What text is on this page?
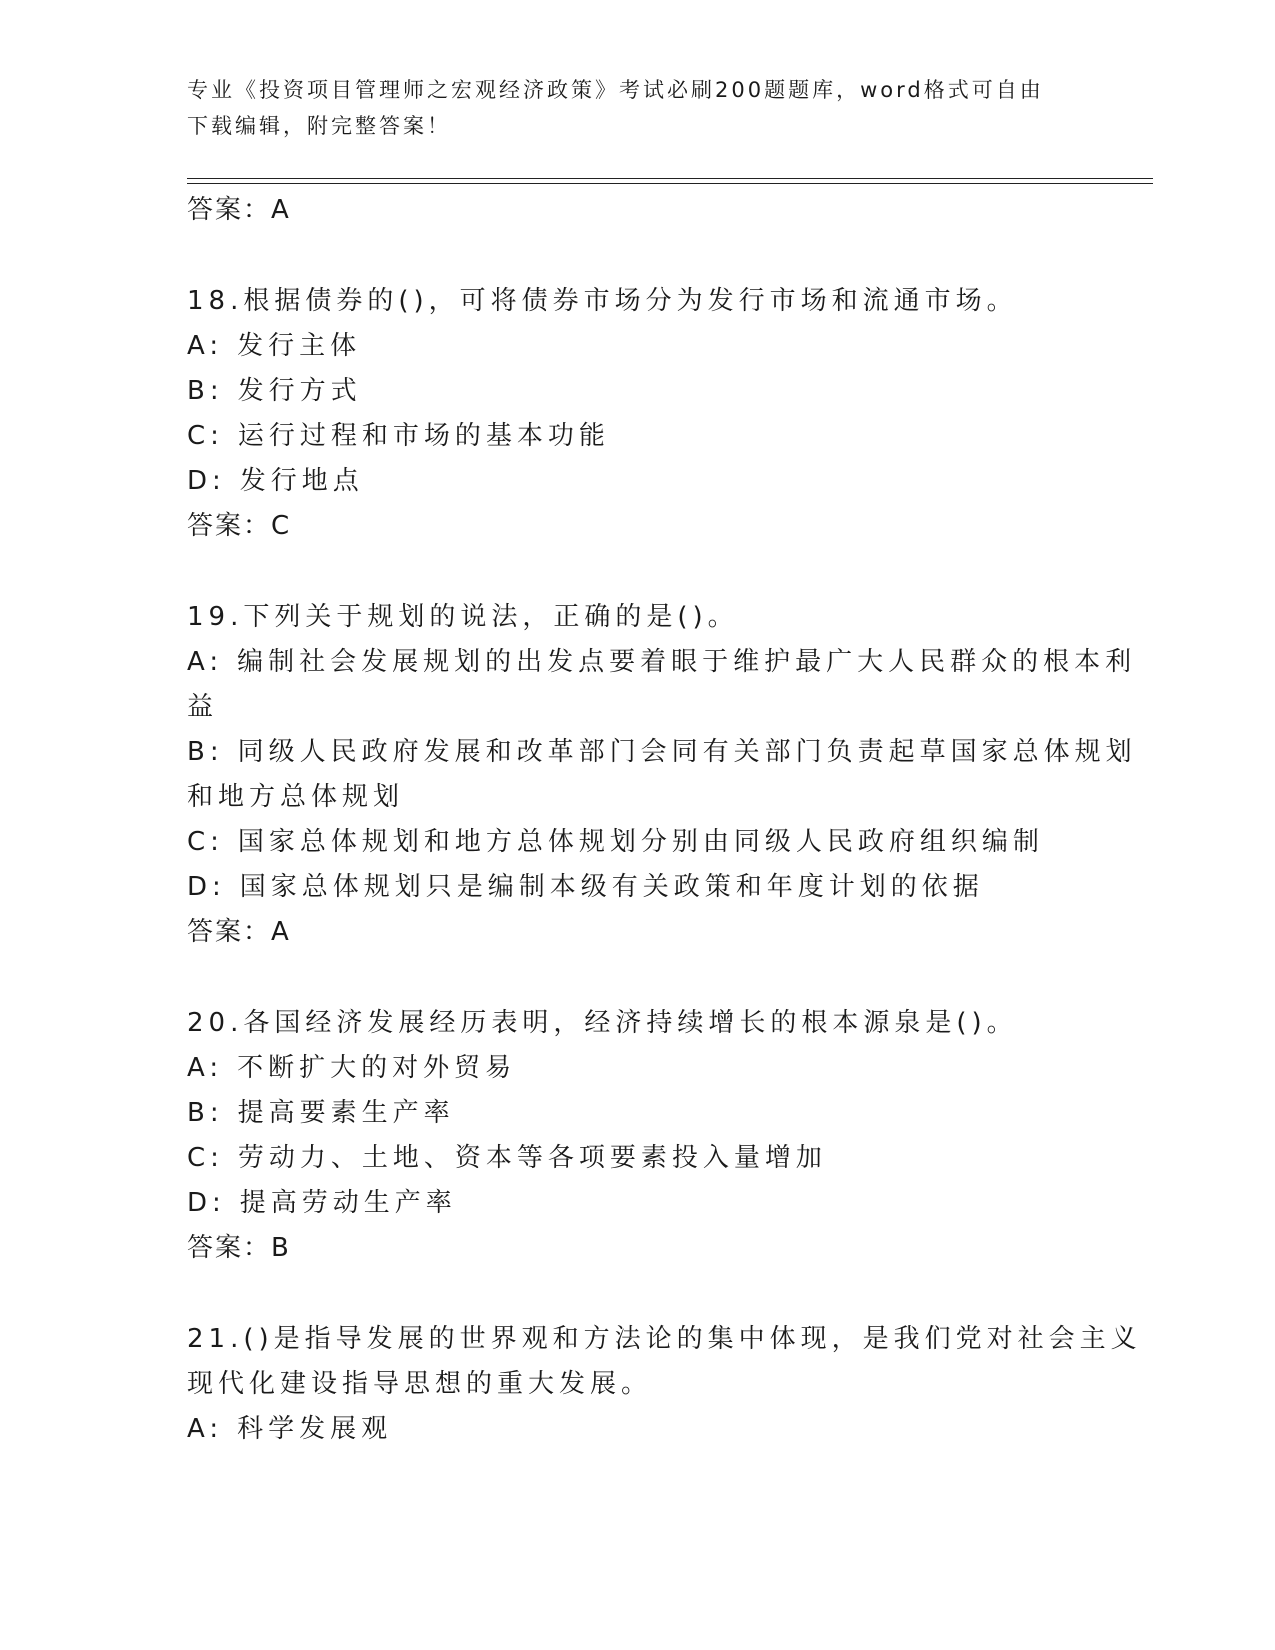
专业《投资项目管理师之宏观经济政策》考试必刷200题题库，word格式可自由
下载编辑，附完整答案！
答案：A
18.根据债券的()，可将债券市场分为发行市场和流通市场。
A: 发行主体
B: 发行方式
C: 运行过程和市场的基本功能
D: 发行地点
答案：C
19.下列关于规划的说法，正确的是()。
A: 编制社会发展规划的出发点要着眼于维护最广大人民群众的根本利
益
B: 同级人民政府发展和改革部门会同有关部门负责起草国家总体规划
和地方总体规划
C: 国家总体规划和地方总体规划分别由同级人民政府组织编制
D: 国家总体规划只是编制本级有关政策和年度计划的依据
答案：A
20.各国经济发展经历表明，经济持续增长的根本源泉是()。
A: 不断扩大的对外贸易
B: 提高要素生产率
C: 劳动力、土地、资本等各项要素投入量增加
D: 提高劳动生产率
答案：B
21.()是指导发展的世界观和方法论的集中体现，是我们党对社会主义
现代化建设指导思想的重大发展。
A: 科学发展观
